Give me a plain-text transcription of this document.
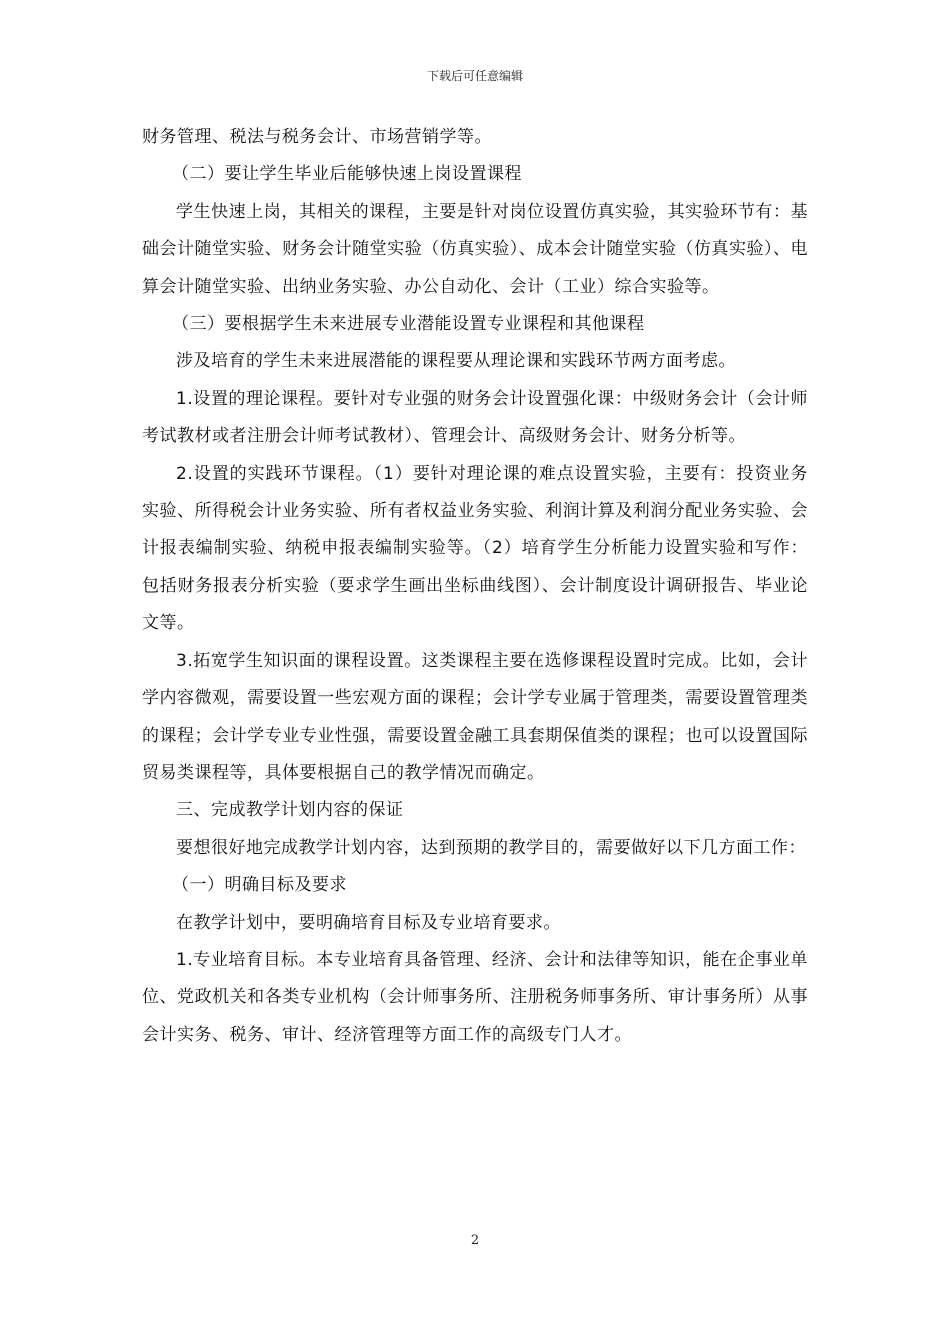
下载后可任意编辑

财务管理、税法与税务会计、市场营销学等。

（二）要让学生毕业后能够快速上岗设置课程

学生快速上岗，其相关的课程，主要是针对岗位设置仿真实验，其实验环节有：基础会计随堂实验、财务会计随堂实验（仿真实验）、成本会计随堂实验（仿真实验）、电算会计随堂实验、出纳业务实验、办公自动化、会计（工业）综合实验等。

（三）要根据学生未来进展专业潜能设置专业课程和其他课程

涉及培育的学生未来进展潜能的课程要从理论课和实践环节两方面考虑。

1.设置的理论课程。要针对专业强的财务会计设置强化课：中级财务会计（会计师考试教材或者注册会计师考试教材）、管理会计、高级财务会计、财务分析等。

2.设置的实践环节课程。（1）要针对理论课的难点设置实验，主要有：投资业务实验、所得税会计业务实验、所有者权益业务实验、利润计算及利润分配业务实验、会计报表编制实验、纳税申报表编制实验等。（2）培育学生分析能力设置实验和写作：包括财务报表分析实验（要求学生画出坐标曲线图）、会计制度设计调研报告、毕业论文等。

3.拓宽学生知识面的课程设置。这类课程主要在选修课程设置时完成。比如，会计学内容微观，需要设置一些宏观方面的课程；会计学专业属于管理类，需要设置管理类的课程；会计学专业专业性强，需要设置金融工具套期保值类的课程；也可以设置国际贸易类课程等，具体要根据自己的教学情况而确定。

三、完成教学计划内容的保证

要想很好地完成教学计划内容，达到预期的教学目的，需要做好以下几方面工作：

（一）明确目标及要求

在教学计划中，要明确培育目标及专业培育要求。

1.专业培育目标。本专业培育具备管理、经济、会计和法律等知识，能在企事业单位、党政机关和各类专业机构（会计师事务所、注册税务师事务所、审计事务所）从事会计实务、税务、审计、经济管理等方面工作的高级专门人才。

2
